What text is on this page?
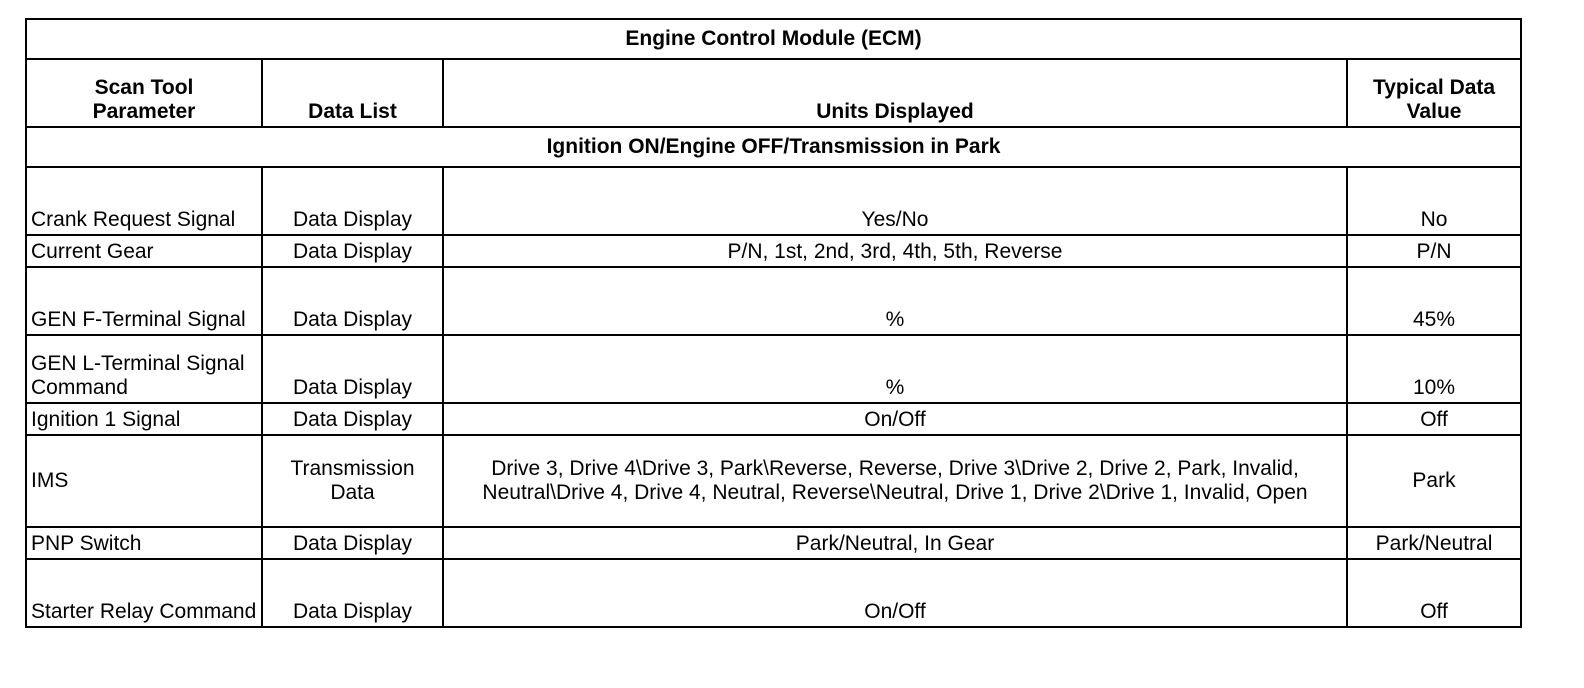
Engine Control Module (ECM)			
Scan Tool
Parameter	Data List	Units Displayed	Typical Data
Value
Ignition ON/Engine OFF/Transmission in Park			
Crank Request Signal	Data Display	Yes/No	No
Current Gear	Data Display	P/N, 1st, 2nd, 3rd, 4th, 5th, Reverse	P/N
GEN F-Terminal Signal	Data Display	%	45%
GEN L-Terminal Signal Command	Data Display	%	10%
Ignition 1 Signal	Data Display	On/Off	Off
IMS	Transmission Data	Drive 3, Drive 4\Drive 3, Park\Reverse, Reverse, Drive 3\Drive 2, Drive 2, Park, Invalid, Neutral\Drive 4, Drive 4, Neutral, Reverse\Neutral, Drive 1, Drive 2\Drive 1, Invalid, Open	Park
PNP Switch	Data Display	Park/Neutral, In Gear	Park/Neutral
Starter Relay Command	Data Display	On/Off	Off
